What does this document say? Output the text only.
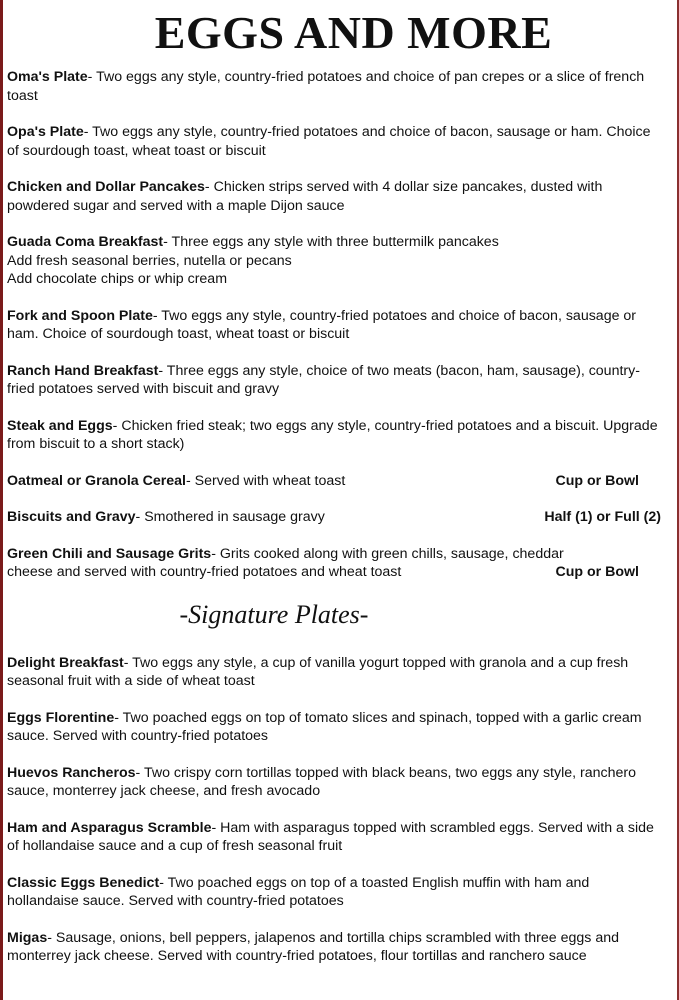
EGGS AND MORE
Oma's Plate- Two eggs any style, country-fried potatoes and choice of pan crepes or a slice of french toast
Opa's Plate- Two eggs any style, country-fried potatoes and choice of bacon, sausage or ham. Choice of sourdough toast, wheat toast or biscuit
Chicken and Dollar Pancakes- Chicken strips served with 4 dollar size pancakes, dusted with powdered sugar and served with a maple Dijon sauce
Guada Coma Breakfast- Three eggs any style with three buttermilk pancakes
Add fresh seasonal berries, nutella or pecans
Add chocolate chips or whip cream
Fork and Spoon Plate- Two eggs any style, country-fried potatoes and choice of bacon, sausage or ham. Choice of sourdough toast, wheat toast or biscuit
Ranch Hand Breakfast- Three eggs any style, choice of two meats (bacon, ham, sausage), country-fried potatoes served with biscuit and gravy
Steak and Eggs- Chicken fried steak; two eggs any style, country-fried potatoes and a biscuit. Upgrade from biscuit to a short stack)
Oatmeal or Granola Cereal- Served with wheat toast	Cup or Bowl
Biscuits and Gravy- Smothered in sausage gravy	Half (1) or Full (2)
Green Chili and Sausage Grits- Grits cooked along with green chills, sausage, cheddar
cheese and served with country-fried potatoes and wheat toast	Cup or Bowl
-Signature Plates-
Delight Breakfast- Two eggs any style, a cup of vanilla yogurt topped with granola and a cup fresh seasonal fruit with a side of wheat toast
Eggs Florentine- Two poached eggs on top of tomato slices and spinach, topped with a garlic cream sauce. Served with country-fried potatoes
Huevos Rancheros- Two crispy corn tortillas topped with black beans, two eggs any style, ranchero sauce, monterrey jack cheese, and fresh avocado
Ham and Asparagus Scramble- Ham with asparagus topped with scrambled eggs. Served with a side of hollandaise sauce and a cup of fresh seasonal fruit
Classic Eggs Benedict- Two poached eggs on top of a toasted English muffin with ham and hollandaise sauce. Served with country-fried potatoes
Migas- Sausage, onions, bell peppers, jalapenos and tortilla chips scrambled with three eggs and monterrey jack cheese. Served with country-fried potatoes, flour tortillas and ranchero sauce
